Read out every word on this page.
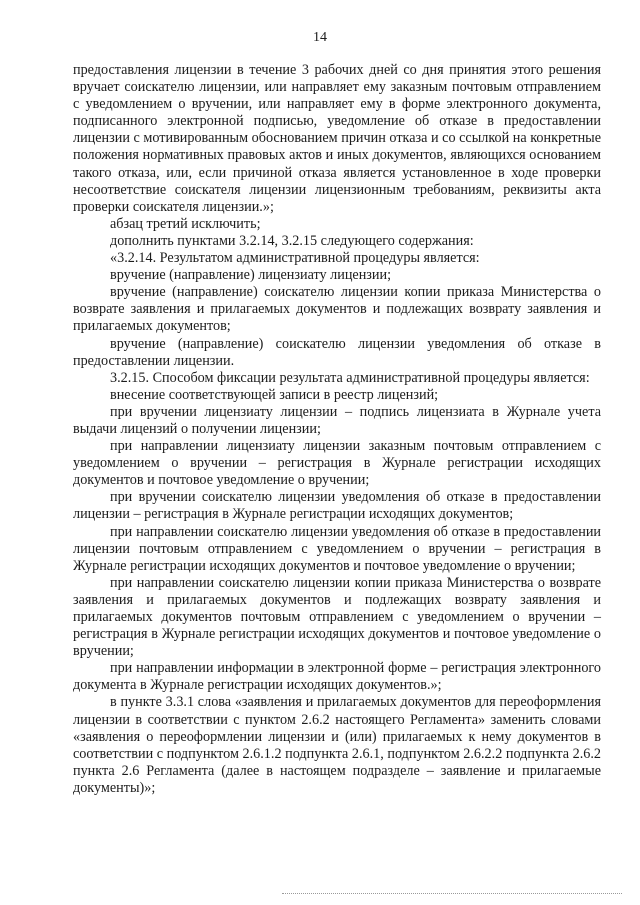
14

предоставления лицензии в течение 3 рабочих дней со дня принятия этого решения вручает соискателю лицензии, или направляет ему заказным почтовым отправлением с уведомлением о вручении, или направляет ему в форме электронного документа, подписанного электронной подписью, уведомление об отказе в предоставлении лицензии с мотивированным обоснованием причин отказа и со ссылкой на конкретные положения нормативных правовых актов и иных документов, являющихся основанием такого отказа, или, если причиной отказа является установленное в ходе проверки несоответствие соискателя лицензии лицензионным требованиям, реквизиты акта проверки соискателя лицензии.»;

абзац третий исключить;

дополнить пунктами 3.2.14, 3.2.15 следующего содержания:

«3.2.14. Результатом административной процедуры является:

вручение (направление) лицензиату лицензии;

вручение (направление) соискателю лицензии копии приказа Министерства о возврате заявления и прилагаемых документов и подлежащих возврату заявления и прилагаемых документов;

вручение (направление) соискателю лицензии уведомления об отказе в предоставлении лицензии.

3.2.15. Способом фиксации результата административной процедуры является:

внесение соответствующей записи в реестр лицензий;

при вручении лицензиату лицензии – подпись лицензиата в Журнале учета выдачи лицензий о получении лицензии;

при направлении лицензиату лицензии заказным почтовым отправлением с уведомлением о вручении – регистрация в Журнале регистрации исходящих документов и почтовое уведомление о вручении;

при вручении соискателю лицензии уведомления об отказе в предоставлении лицензии – регистрация в Журнале регистрации исходящих документов;

при направлении соискателю лицензии уведомления об отказе в предоставлении лицензии почтовым отправлением с уведомлением о вручении – регистрация в Журнале регистрации исходящих документов и почтовое уведомление о вручении;

при направлении соискателю лицензии копии приказа Министерства о возврате заявления и прилагаемых документов и подлежащих возврату заявления и прилагаемых документов почтовым отправлением с уведомлением о вручении – регистрация в Журнале регистрации исходящих документов и почтовое уведомление о вручении;

при направлении информации в электронной форме – регистрация электронного документа в Журнале регистрации исходящих документов.»;

в пункте 3.3.1 слова «заявления и прилагаемых документов для переоформления лицензии в соответствии с пунктом 2.6.2 настоящего Регламента» заменить словами «заявления о переоформлении лицензии и (или) прилагаемых к нему документов в соответствии с подпунктом 2.6.1.2 подпункта 2.6.1, подпунктом 2.6.2.2 подпункта 2.6.2 пункта 2.6 Регламента (далее в настоящем подразделе – заявление и прилагаемые документы)»;
